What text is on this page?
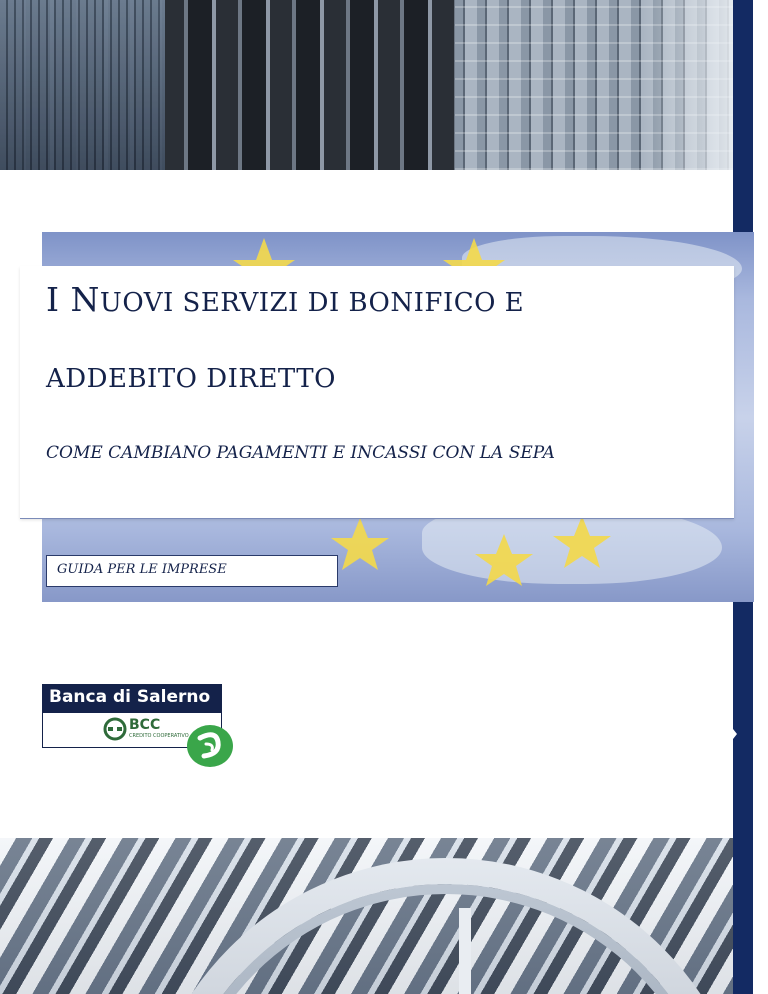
I NUOVI SERVIZI DI BONIFICO E
ADDEBITO DIRETTO
COME CAMBIANO PAGAMENTI E INCASSI CON LA SEPA
GUIDA PER LE IMPRESE
Banca di Salerno
BCC
CREDITO COOPERATIVO
